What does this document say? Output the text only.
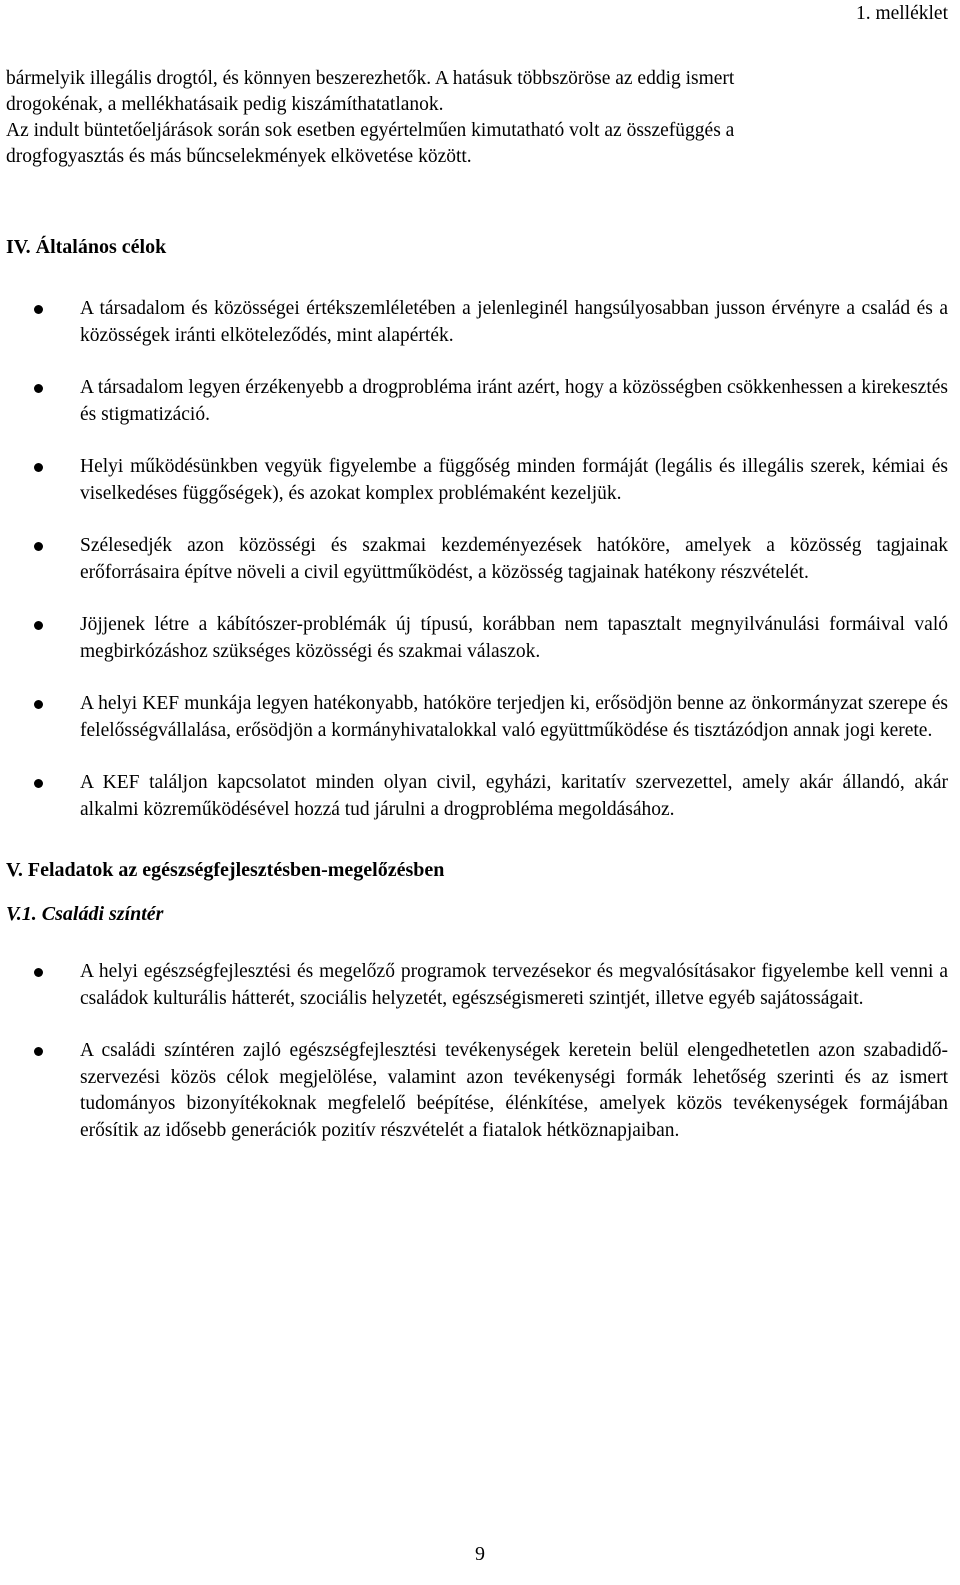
1. melléklet

bármelyik illegális drogtól, és könnyen beszerezhetők. A hatásuk többszöröse az eddig ismert

drogokénak, a mellékhatásaik pedig kiszámíthatatlanok.

Az indult büntetőeljárások során sok esetben egyértelműen kimutatható volt az összefüggés a

drogfogyasztás és más bűncselekmények elkövetése között.

IV. Általános célok
A társadalom és közösségei értékszemléletében a jelenleginél hangsúlyosabban jusson érvényre a család és a közösségek iránti elköteleződés, mint alapérték.
A társadalom legyen érzékenyebb a drogprobléma iránt azért, hogy a közösségben csökkenhessen a kirekesztés és stigmatizáció.
Helyi működésünkben vegyük figyelembe a függőség minden formáját (legális és illegális szerek, kémiai és viselkedéses függőségek), és azokat komplex problémaként kezeljük.
Szélesedjék azon közösségi és szakmai kezdeményezések hatóköre, amelyek a közösség tagjainak erőforrásaira építve növeli a civil együttműködést, a közösség tagjainak hatékony részvételét.
Jöjjenek létre a kábítószer-problémák új típusú, korábban nem tapasztalt megnyilvánulási formáival való megbirkózáshoz szükséges közösségi és szakmai válaszok.
A helyi KEF munkája legyen hatékonyabb, hatóköre terjedjen ki, erősödjön benne az önkormányzat szerepe és felelősségvállalása, erősödjön a kormányhivatalokkal való együttműködése és tisztázódjon annak jogi kerete.
A KEF találjon kapcsolatot minden olyan civil, egyházi, karitatív szervezettel, amely akár állandó, akár alkalmi közreműködésével hozzá tud járulni a drogprobléma megoldásához.
V. Feladatok az egészségfejlesztésben-megelőzésben
V.1. Családi színtér
A helyi egészségfejlesztési és megelőző programok tervezésekor és megvalósításakor figyelembe kell venni a családok kulturális hátterét, szociális helyzetét, egészségismereti szintjét, illetve egyéb sajátosságait.
A családi színtéren zajló egészségfejlesztési tevékenységek keretein belül elengedhetetlen azon szabadidő-szervezési közös célok megjelölése, valamint azon tevékenységi formák lehetőség szerinti és az ismert tudományos bizonyítékoknak megfelelő beépítése, élénkítése, amelyek közös tevékenységek formájában erősítik az idősebb generációk pozitív részvételét a fiatalok hétköznapjaiban.
9
